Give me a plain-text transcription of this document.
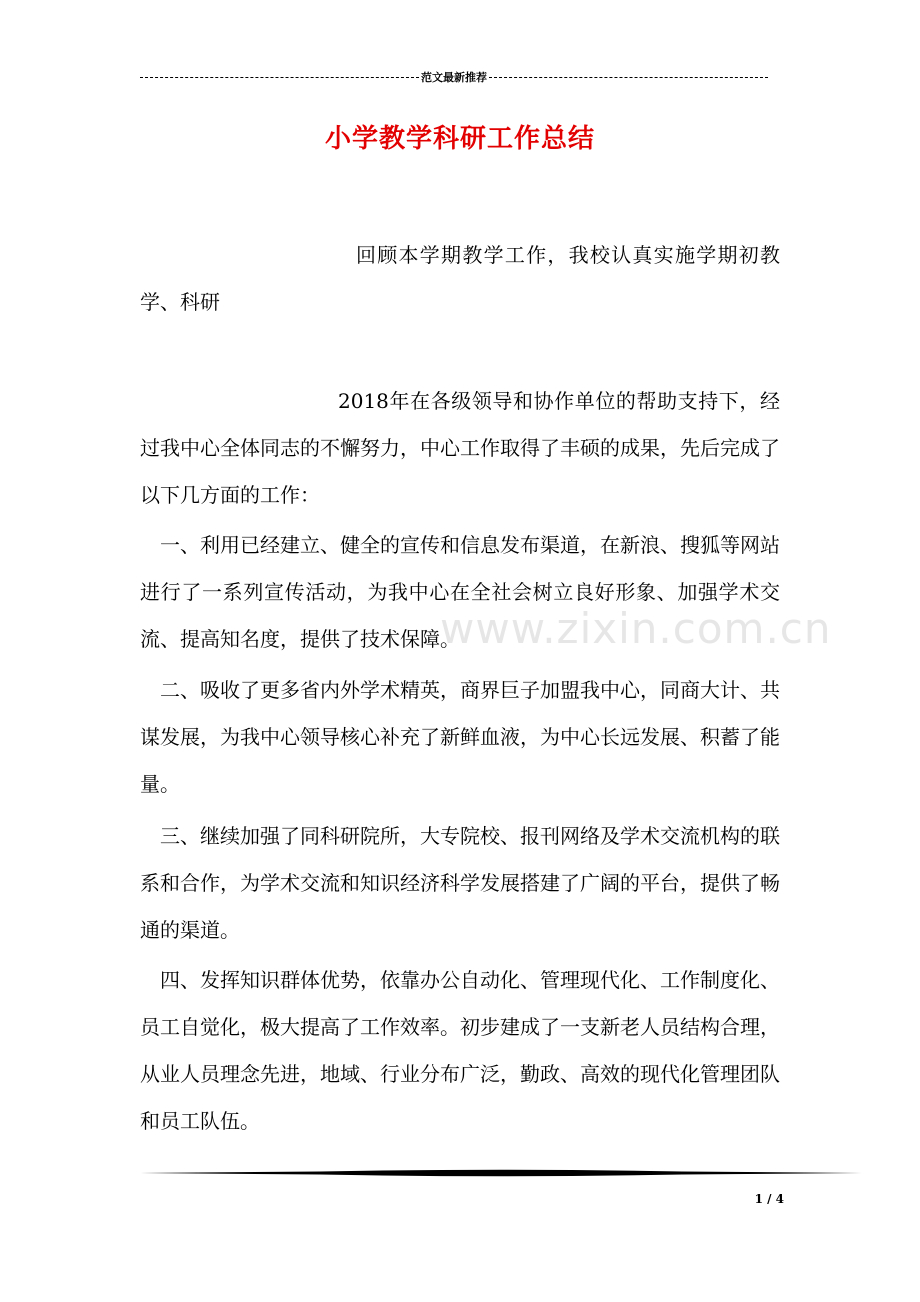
范文最新推荐
小学教学科研工作总结
www.zixin.com.cn

回顾本学期教学工作，我校认真实施学期初教学、科研

2018年在各级领导和协作单位的帮助支持下，经过我中心全体同志的不懈努力，中心工作取得了丰硕的成果，先后完成了以下几方面的工作：

一、利用已经建立、健全的宣传和信息发布渠道，在新浪、搜狐等网站进行了一系列宣传活动，为我中心在全社会树立良好形象、加强学术交流、提高知名度，提供了技术保障。

二、吸收了更多省内外学术精英，商界巨子加盟我中心，同商大计、共谋发展，为我中心领导核心补充了新鲜血液，为中心长远发展、积蓄了能量。

三、继续加强了同科研院所，大专院校、报刊网络及学术交流机构的联系和合作，为学术交流和知识经济科学发展搭建了广阔的平台，提供了畅通的渠道。

四、发挥知识群体优势，依靠办公自动化、管理现代化、工作制度化、员工自觉化，极大提高了工作效率。初步建成了一支新老人员结构合理，从业人员理念先进，地域、行业分布广泛，勤政、高效的现代化管理团队和员工队伍。

1 / 4
